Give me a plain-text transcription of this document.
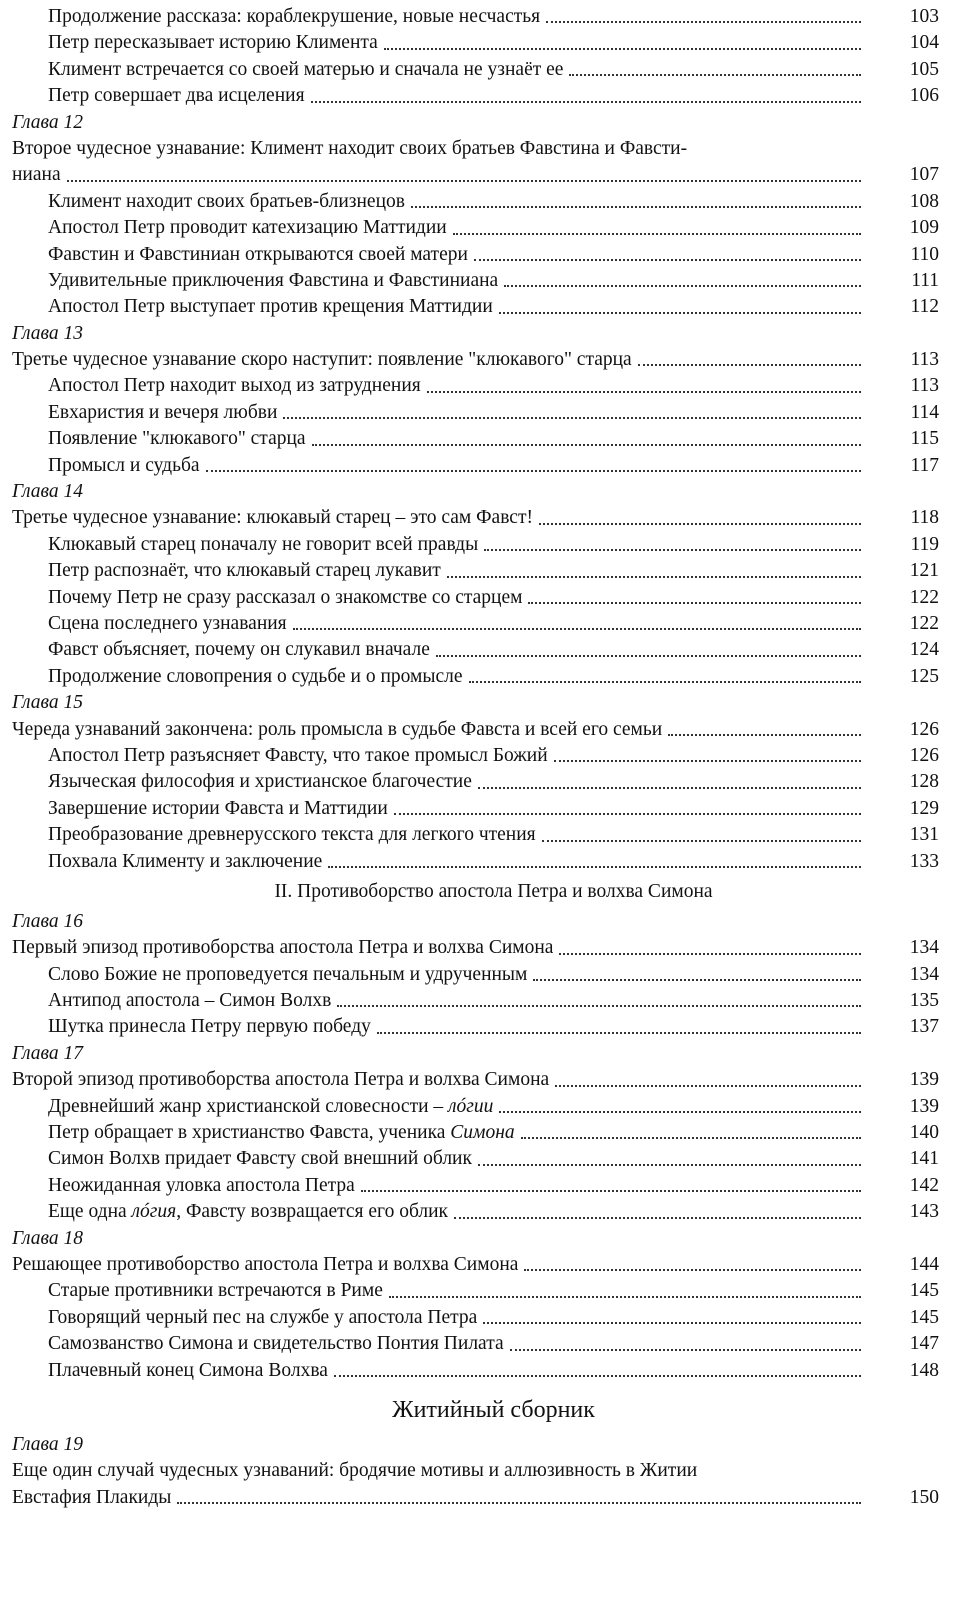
Продолжение рассказа: кораблекрушение, новые несчастья	103
Петр пересказывает историю Климента	104
Климент встречается со своей матерью и сначала не узнаёт ее	105
Петр совершает два исцеления	106
Глава 12
Второе чудесное узнавание: Климент находит своих братьев Фавстина и Фавсти-
ниана	107
Климент находит своих братьев-близнецов	108
Апостол Петр проводит катехизацию Маттидии	109
Фавстин и Фавстиниан открываются своей матери	110
Удивительные приключения Фавстина и Фавстиниана	111
Апостол Петр выступает против крещения Маттидии	112
Глава 13
Третье чудесное узнавание скоро наступит: появление "клюкавого" старца	113
Апостол Петр находит выход из затруднения	113
Евхаристия и вечеря любви	114
Появление "клюкавого" старца	115
Промысл и судьба	117
Глава 14
Третье чудесное узнавание: клюкавый старец – это сам Фавст!	118
Клюкавый старец поначалу не говорит всей правды	119
Петр распознаёт, что клюкавый старец лукавит	121
Почему Петр не сразу рассказал о знакомстве со старцем	122
Сцена последнего узнавания	122
Фавст объясняет, почему он слукавил вначале	124
Продолжение словопрения о судьбе и о промысле	125
Глава 15
Череда узнаваний закончена: роль промысла в судьбе Фавста и всей его семьи	126
Апостол Петр разъясняет Фавсту, что такое промысл Божий	126
Языческая философия и христианское благочестие	128
Завершение истории Фавста и Маттидии	129
Преобразование древнерусского текста для легкого чтения	131
Похвала Клименту и заключение	133
II. Противоборство апостола Петра и волхва Симона
Глава 16
Первый эпизод противоборства апостола Петра и волхва Симона	134
Слово Божие не проповедуется печальным и удрученным	134
Антипод апостола – Симон Волхв	135
Шутка принесла Петру первую победу	137
Глава 17
Второй эпизод противоборства апостола Петра и волхва Симона	139
Древнейший жанр христианской словесности – лóгии	139
Петр обращает в христианство Фавста, ученика Симона	140
Симон Волхв придает Фавсту свой внешний облик	141
Неожиданная уловка апостола Петра	142
Еще одна лóгия, Фавсту возвращается его облик	143
Глава 18
Решающее противоборство апостола Петра и волхва Симона	144
Старые противники встречаются в Риме	145
Говорящий черный пес на службе у апостола Петра	145
Самозванство Симона и свидетельство Понтия Пилата	147
Плачевный конец Симона Волхва	148
Житийный сборник
Глава 19
Еще один случай чудесных узнаваний: бродячие мотивы и аллюзивность в Житии
Евстафия Плакиды	150
